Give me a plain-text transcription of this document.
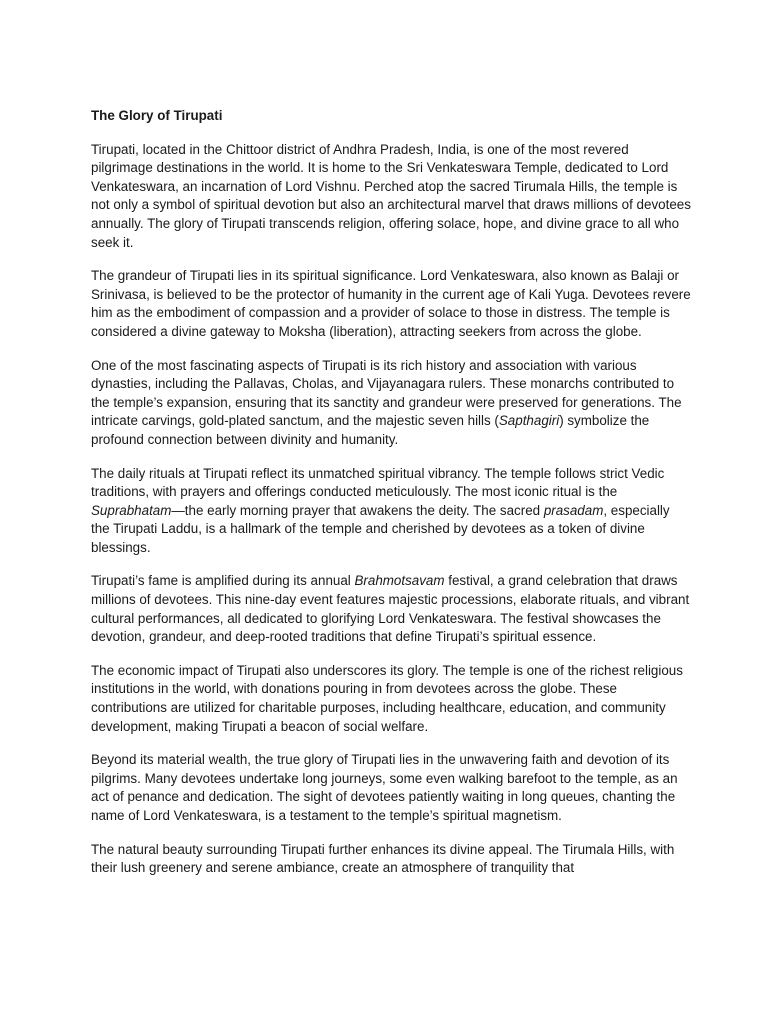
The Glory of Tirupati

Tirupati, located in the Chittoor district of Andhra Pradesh, India, is one of the most revered pilgrimage destinations in the world. It is home to the Sri Venkateswara Temple, dedicated to Lord Venkateswara, an incarnation of Lord Vishnu. Perched atop the sacred Tirumala Hills, the temple is not only a symbol of spiritual devotion but also an architectural marvel that draws millions of devotees annually. The glory of Tirupati transcends religion, offering solace, hope, and divine grace to all who seek it.

The grandeur of Tirupati lies in its spiritual significance. Lord Venkateswara, also known as Balaji or Srinivasa, is believed to be the protector of humanity in the current age of Kali Yuga. Devotees revere him as the embodiment of compassion and a provider of solace to those in distress. The temple is considered a divine gateway to Moksha (liberation), attracting seekers from across the globe.

One of the most fascinating aspects of Tirupati is its rich history and association with various dynasties, including the Pallavas, Cholas, and Vijayanagara rulers. These monarchs contributed to the temple’s expansion, ensuring that its sanctity and grandeur were preserved for generations. The intricate carvings, gold-plated sanctum, and the majestic seven hills (Sapthagiri) symbolize the profound connection between divinity and humanity.

The daily rituals at Tirupati reflect its unmatched spiritual vibrancy. The temple follows strict Vedic traditions, with prayers and offerings conducted meticulously. The most iconic ritual is the Suprabhatam—the early morning prayer that awakens the deity. The sacred prasadam, especially the Tirupati Laddu, is a hallmark of the temple and cherished by devotees as a token of divine blessings.

Tirupati’s fame is amplified during its annual Brahmotsavam festival, a grand celebration that draws millions of devotees. This nine-day event features majestic processions, elaborate rituals, and vibrant cultural performances, all dedicated to glorifying Lord Venkateswara. The festival showcases the devotion, grandeur, and deep-rooted traditions that define Tirupati’s spiritual essence.

The economic impact of Tirupati also underscores its glory. The temple is one of the richest religious institutions in the world, with donations pouring in from devotees across the globe. These contributions are utilized for charitable purposes, including healthcare, education, and community development, making Tirupati a beacon of social welfare.

Beyond its material wealth, the true glory of Tirupati lies in the unwavering faith and devotion of its pilgrims. Many devotees undertake long journeys, some even walking barefoot to the temple, as an act of penance and dedication. The sight of devotees patiently waiting in long queues, chanting the name of Lord Venkateswara, is a testament to the temple’s spiritual magnetism.

The natural beauty surrounding Tirupati further enhances its divine appeal. The Tirumala Hills, with their lush greenery and serene ambiance, create an atmosphere of tranquility that
